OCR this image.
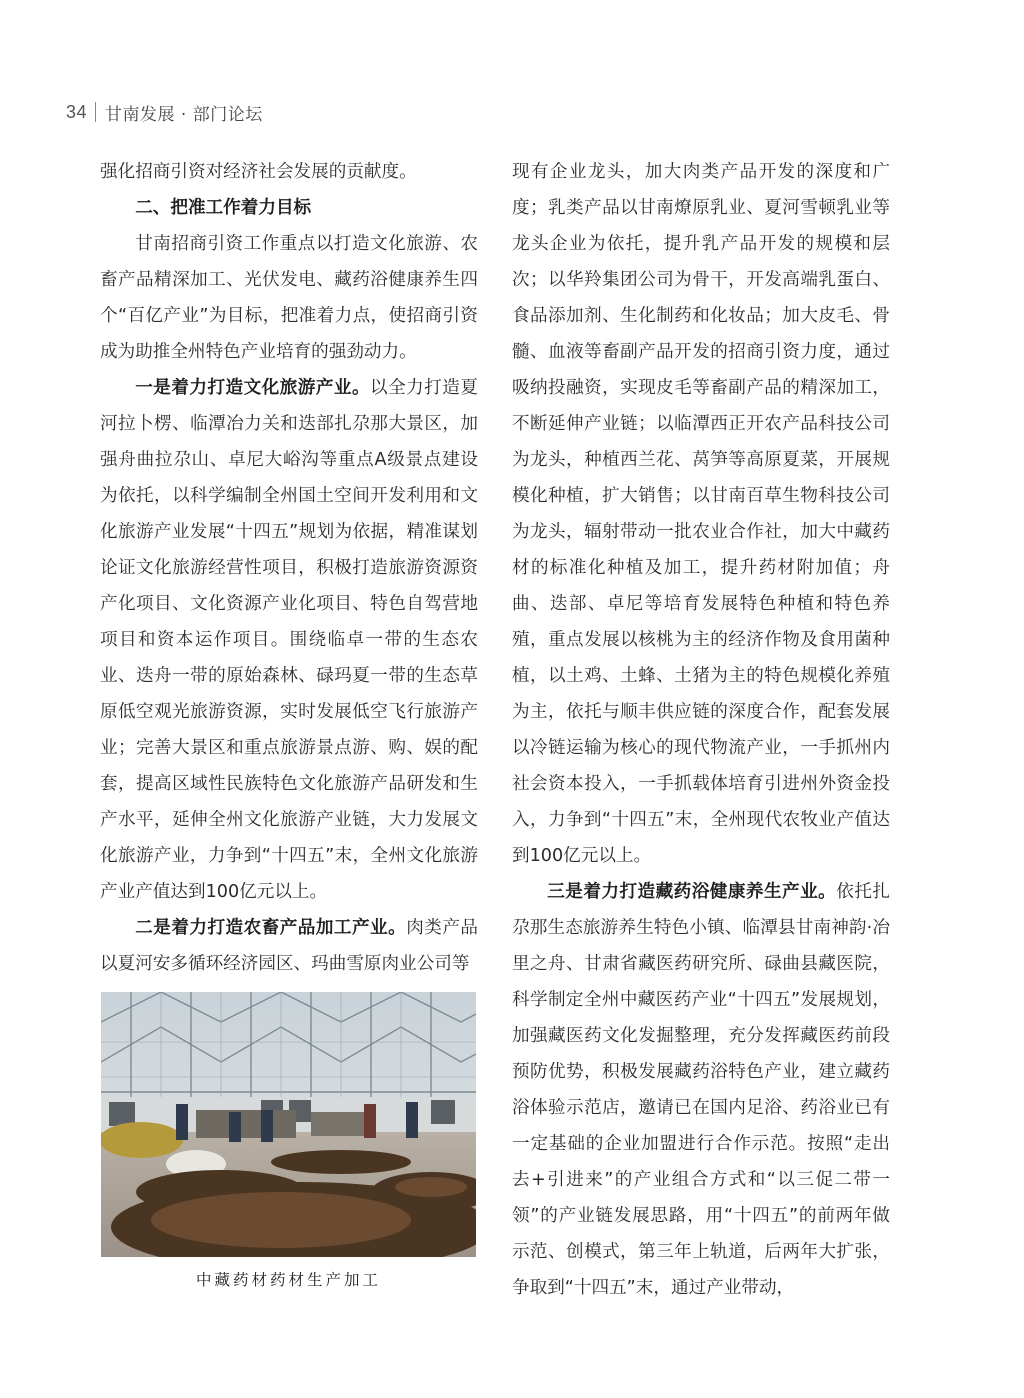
34 甘南发展 · 部门论坛

强化招商引资对经济社会发展的贡献度。

二、把准工作着力目标

甘南招商引资工作重点以打造文化旅游、农畜产品精深加工、光伏发电、藏药浴健康养生四个“百亿产业”为目标，把准着力点，使招商引资成为助推全州特色产业培育的强劲动力。

一是着力打造文化旅游产业。以全力打造夏河拉卜楞、临潭冶力关和迭部扎尕那大景区，加强舟曲拉尕山、卓尼大峪沟等重点A级景点建设为依托，以科学编制全州国土空间开发利用和文化旅游产业发展“十四五”规划为依据，精准谋划论证文化旅游经营性项目，积极打造旅游资源资产化项目、文化资源产业化项目、特色自驾营地项目和资本运作项目。围绕临卓一带的生态农业、迭舟一带的原始森林、碌玛夏一带的生态草原低空观光旅游资源，实时发展低空飞行旅游产业；完善大景区和重点旅游景点游、购、娱的配套，提高区域性民族特色文化旅游产品研发和生产水平，延伸全州文化旅游产业链，大力发展文化旅游产业，力争到“十四五”末，全州文化旅游产业产值达到100亿元以上。

二是着力打造农畜产品加工产业。肉类产品以夏河安多循环经济园区、玛曲雪原肉业公司等

中藏药材药材生产加工

现有企业龙头，加大肉类产品开发的深度和广度；乳类产品以甘南燎原乳业、夏河雪顿乳业等龙头企业为依托，提升乳产品开发的规模和层次；以华羚集团公司为骨干，开发高端乳蛋白、食品添加剂、生化制药和化妆品；加大皮毛、骨髓、血液等畜副产品开发的招商引资力度，通过吸纳投融资，实现皮毛等畜副产品的精深加工，不断延伸产业链；以临潭西正开农产品科技公司为龙头，种植西兰花、莴笋等高原夏菜，开展规模化种植，扩大销售；以甘南百草生物科技公司为龙头，辐射带动一批农业合作社，加大中藏药材的标准化种植及加工，提升药材附加值；舟曲、迭部、卓尼等培育发展特色种植和特色养殖，重点发展以核桃为主的经济作物及食用菌种植，以土鸡、土蜂、土猪为主的特色规模化养殖为主，依托与顺丰供应链的深度合作，配套发展以冷链运输为核心的现代物流产业，一手抓州内社会资本投入，一手抓载体培育引进州外资金投入，力争到“十四五”末，全州现代农牧业产值达到100亿元以上。

三是着力打造藏药浴健康养生产业。依托扎尕那生态旅游养生特色小镇、临潭县甘南神韵·冶里之舟、甘肃省藏医药研究所、碌曲县藏医院，科学制定全州中藏医药产业“十四五”发展规划，加强藏医药文化发掘整理，充分发挥藏医药前段预防优势，积极发展藏药浴特色产业，建立藏药浴体验示范店，邀请已在国内足浴、药浴业已有一定基础的企业加盟进行合作示范。按照“走出去+引进来”的产业组合方式和“以三促二带一领”的产业链发展思路，用“十四五”的前两年做示范、创模式，第三年上轨道，后两年大扩张，争取到“十四五”末，通过产业带动，
